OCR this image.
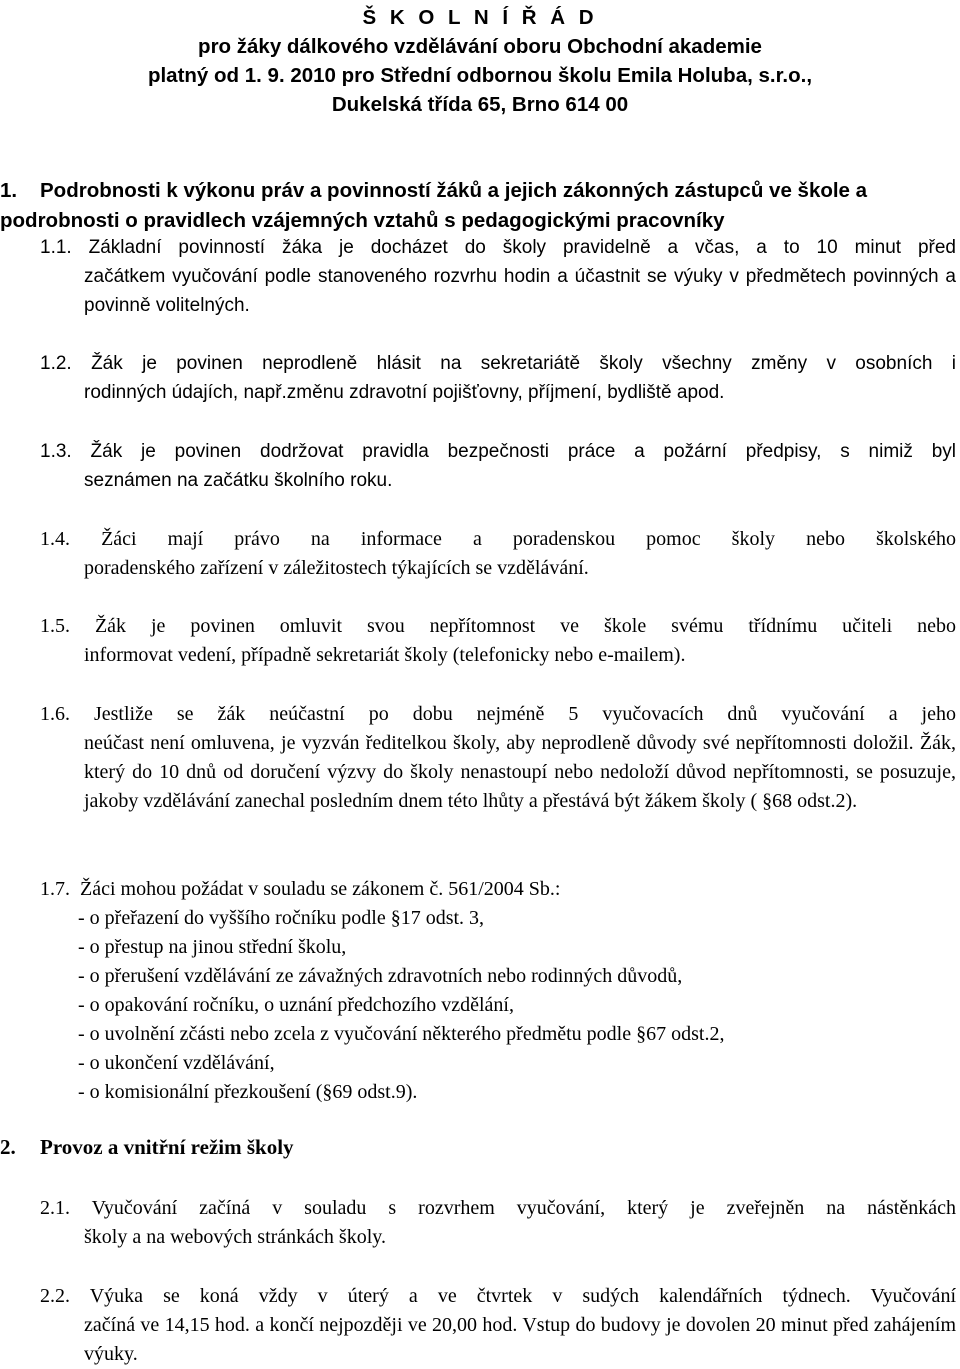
Š K O L N Í Ř Á D
pro žáky dálkového vzdělávání oboru Obchodní akademie
platný od 1. 9. 2010 pro Střední odbornou školu Emila Holuba, s.r.o.,
Dukelská třída 65, Brno 614 00
1. Podrobnosti k výkonu práv a povinností žáků a jejich zákonných zástupců ve škole a
podrobnosti o pravidlech vzájemných vztahů s pedagogickými pracovníky
1.1. Základní povinností žáka je docházet do školy pravidelně a včas, a to 10 minut před
začátkem vyučování podle stanoveného rozvrhu hodin a účastnit se výuky v předmětech povinných a povinně volitelných.
1.2. Žák je povinen neprodleně hlásit na sekretariátě školy všechny změny v osobních i
rodinných údajích, např.změnu zdravotní pojišťovny, příjmení, bydliště apod.
1.3. Žák je povinen dodržovat pravidla bezpečnosti práce a požární předpisy, s nimiž byl
seznámen na začátku školního roku.
1.4. Žáci mají právo na informace a poradenskou pomoc školy nebo školského
poradenského zařízení v záležitostech týkajících se vzdělávání.
1.5. Žák je povinen omluvit svou nepřítomnost ve škole svému třídnímu učiteli nebo
informovat vedení, případně sekretariát školy (telefonicky nebo e-mailem).
1.6. Jestliže se žák neúčastní po dobu nejméně 5 vyučovacích dnů vyučování a jeho
neúčast není omluvena, je vyzván ředitelkou školy, aby neprodleně důvody své nepřítomnosti doložil. Žák, který do 10 dnů od doručení výzvy do školy nenastoupí nebo nedoloží důvod nepřítomnosti, se posuzuje, jakoby vzdělávání zanechal posledním dnem této lhůty a přestává být žákem školy ( §68 odst.2).
1.7. Žáci mohou požádat v souladu se zákonem č. 561/2004 Sb.:
- o přeřazení do vyššího ročníku podle §17 odst. 3,
- o přestup na jinou střední školu,
- o přerušení vzdělávání ze závažných zdravotních nebo rodinných důvodů,
- o opakování ročníku, o uznání předchozího vzdělání,
- o uvolnění zčásti nebo zcela z vyučování některého předmětu podle §67 odst.2,
- o ukončení vzdělávání,
- o komisionální přezkoušení (§69 odst.9).
2. Provoz a vnitřní režim školy
2.1. Vyučování začíná v souladu s rozvrhem vyučování, který je zveřejněn na nástěnkách
školy a na webových stránkách školy.
2.2. Výuka se koná vždy v úterý a ve čtvrtek v sudých kalendářních týdnech. Vyučování
začíná ve 14,15 hod. a končí nejpozději ve 20,00 hod. Vstup do budovy je dovolen 20 minut před zahájením výuky.
